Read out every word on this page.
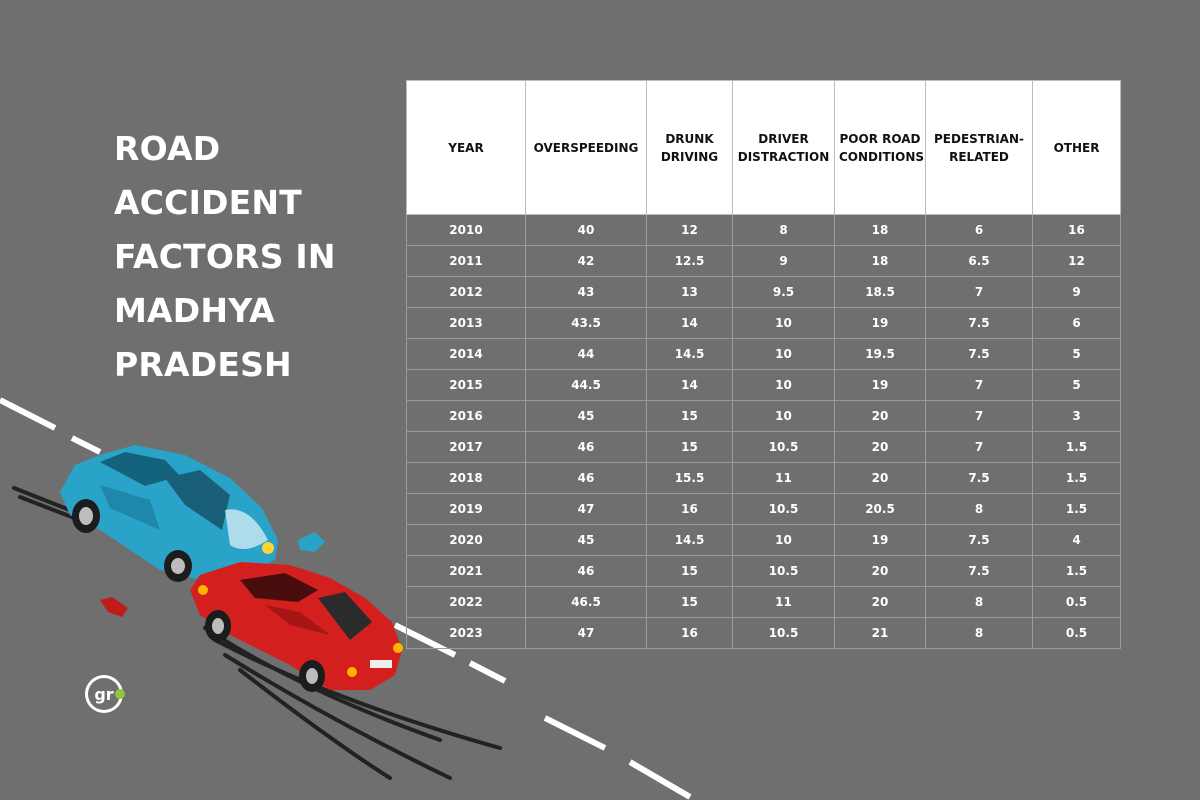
gr
ROAD
ACCIDENT
FACTORS IN
MADHYA
PRADESH
YEAR	OVERSPEEDING	DRUNK DRIVING	DRIVER DISTRACTION	POOR ROAD CONDITIONS	PEDESTRIAN-RELATED	OTHER
2010	40	12	8	18	6	16
2011	42	12.5	9	18	6.5	12
2012	43	13	9.5	18.5	7	9
2013	43.5	14	10	19	7.5	6
2014	44	14.5	10	19.5	7.5	5
2015	44.5	14	10	19	7	5
2016	45	15	10	20	7	3
2017	46	15	10.5	20	7	1.5
2018	46	15.5	11	20	7.5	1.5
2019	47	16	10.5	20.5	8	1.5
2020	45	14.5	10	19	7.5	4
2021	46	15	10.5	20	7.5	1.5
2022	46.5	15	11	20	8	0.5
2023	47	16	10.5	21	8	0.5
